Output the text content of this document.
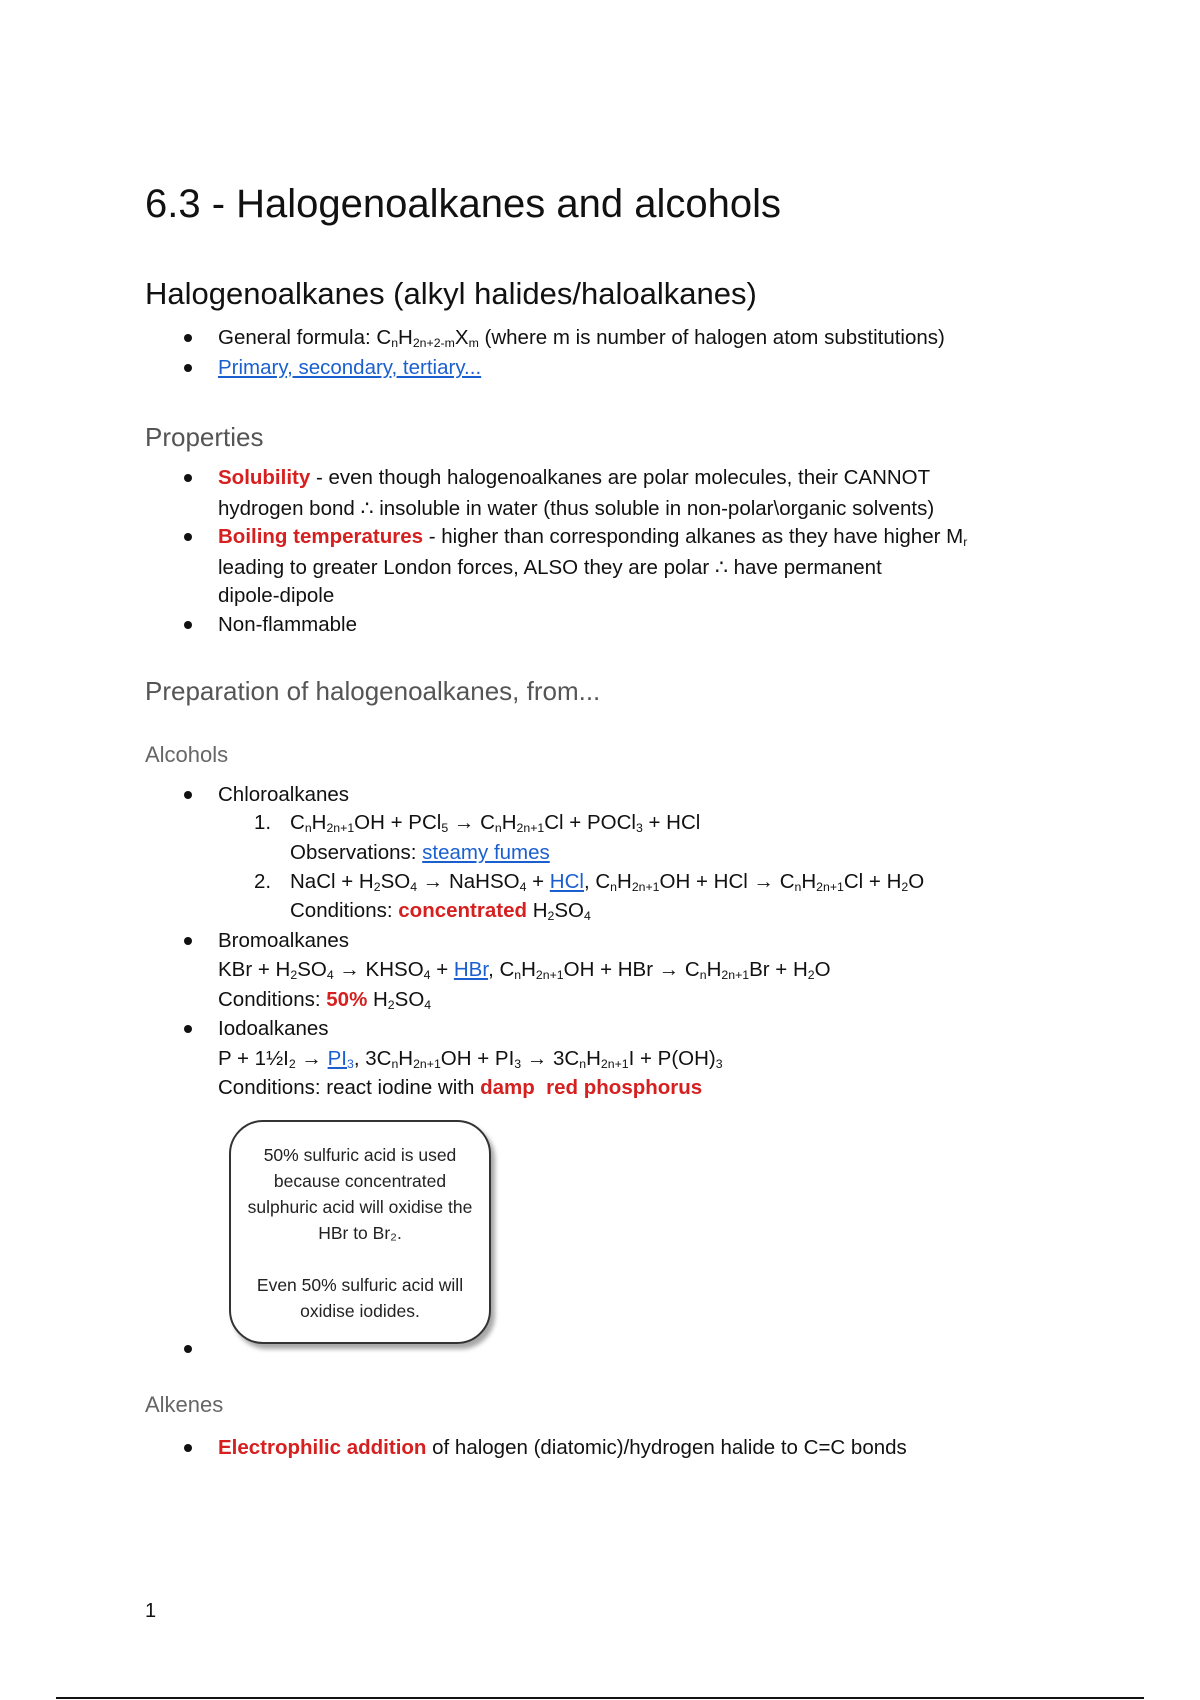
6.3 - Halogenoalkanes and alcohols
Halogenoalkanes (alkyl halides/haloalkanes)
General formula: $C_nH_{2n+2-m}X_m$ (where m is number of halogen atom substitutions)
Primary, secondary, tertiary...
Properties
Solubility - even though halogenoalkanes are polar molecules, their CANNOT
hydrogen bond ∴ insoluble in water (thus soluble in non-polar\organic solvents)
Boiling temperatures - higher than corresponding alkanes as they have higher $M_r$
leading to greater London forces, ALSO they are polar ∴ have permanent
dipole-dipole
Non-flammable
Preparation of halogenoalkanes, from...
Alcohols
Chloroalkanes
1. $C_nH_{2n+1}OH + PCl_5 \to C_nH_{2n+1}Cl$ + POCl$_3$ + HCl
Observations: steamy fumes
2. NaCl + $H_2SO_4$ → NaHSO$_4$ + HCl, $C_nH_{2n+1}OH$ + HCl → $C_nH_{2n+1}Cl + H_2O$
Conditions: concentrated $H_2SO_4$
Bromoalkanes
KBr + $H_2SO_4$ → $KHSO_4$ + HBr, $C_nH_{2n+1}OH$ + HBr → $C_nH_{2n+1}Br + H_2O$
Conditions: 50% $H_2SO_4$
Iodoalkanes
$P + 1\frac{1}{2}I_2 \to PI_3$, $3C_nH_{2n+1}OH + PI_3 \to 3C_nH_{2n+1}I + P(OH)_3$
Conditions: react iodine with damp  red phosphorus

50% sulfuric acid is used because concentrated sulphuric acid will oxidise the HBr to Br₂.

Even 50% sulfuric acid will oxidise iodides.

Alkenes
Electrophilic addition of halogen (diatomic)/hydrogen halide to C=C bonds
1
